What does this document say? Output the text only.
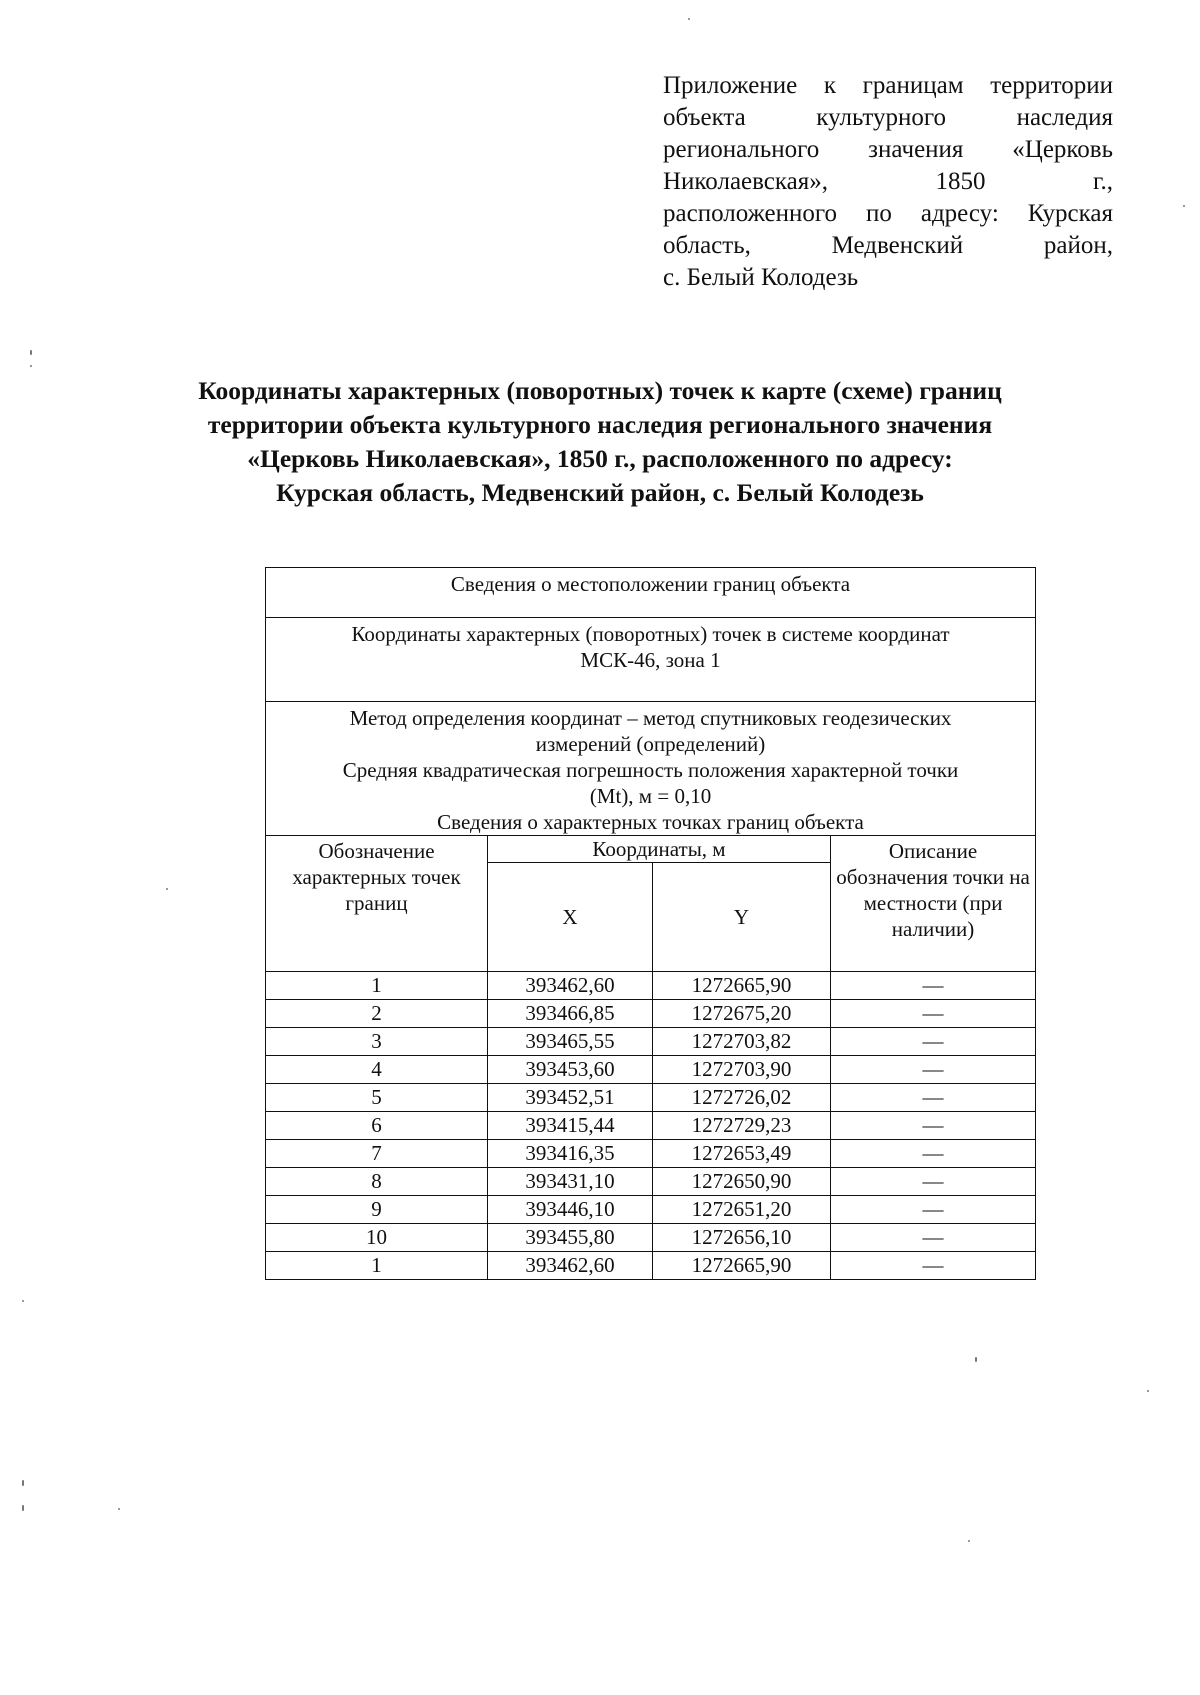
Приложение к границам территории
объекта культурного наследия
регионального значения «Церковь
Николаевская», 1850 г.,
расположенного по адресу: Курская
область, Медвенский район,
с. Белый Колодезь
Координаты характерных (поворотных) точек к карте (схеме) границ
территории объекта культурного наследия регионального значения
«Церковь Николаевская», 1850 г., расположенного по адресу:
Курская область, Медвенский район, с. Белый Колодезь
Сведения о местоположении границ объекта			

Координаты характерных (поворотных) точек в системе координат
МСК-46, зона 1			

Метод определения координат – метод спутниковых геодезических
измерений (определений)
Средняя квадратическая погрешность положения характерной точки
(Mt), м = 0,10
Сведения о характерных точках границ объекта			

Обозначение характерных точек границ	Координаты, м		Описание обозначения точки на местности (при наличии)
	X	Y	
1	393462,60	1272665,90	—
2	393466,85	1272675,20	—
3	393465,55	1272703,82	—
4	393453,60	1272703,90	—
5	393452,51	1272726,02	—
6	393415,44	1272729,23	—
7	393416,35	1272653,49	—
8	393431,10	1272650,90	—
9	393446,10	1272651,20	—
10	393455,80	1272656,10	—
1	393462,60	1272665,90	—
